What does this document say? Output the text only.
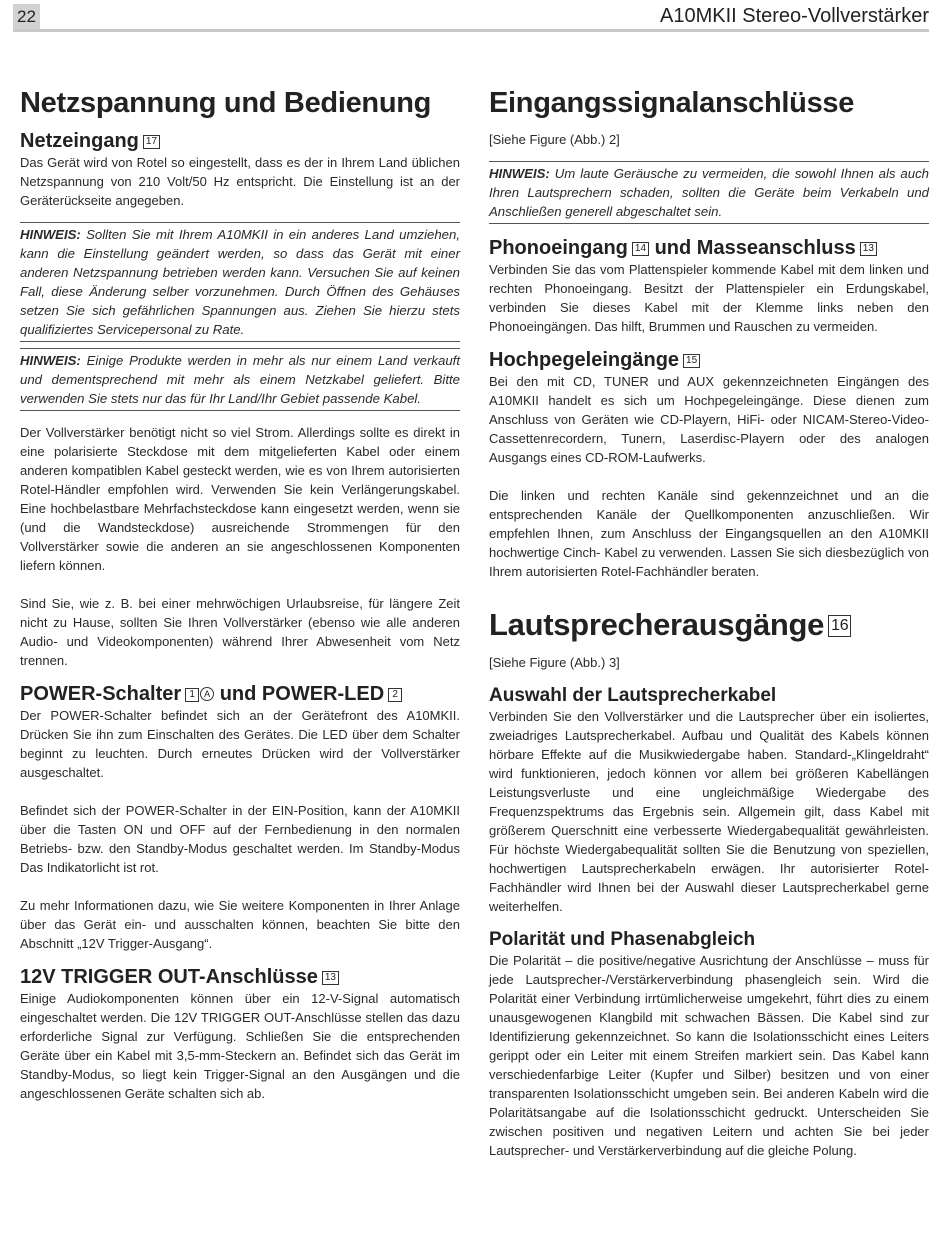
22	A10MKII Stereo-Vollverstärker
Netzspannung und Bedienung
Netzeingang 17

Das Gerät wird von Rotel so eingestellt, dass es der in Ihrem Land üblichen Netzspannung von 210 Volt/50 Hz entspricht. Die Einstellung ist an der Geräterückseite angegeben.

HINWEIS: Sollten Sie mit Ihrem A10MKII in ein anderes Land umziehen, kann die Einstellung geändert werden, so dass das Gerät mit einer anderen Netzspannung betrieben werden kann. Versuchen Sie auf keinen Fall, diese Änderung selber vorzunehmen. Durch Öffnen des Gehäuses setzen Sie sich gefährlichen Spannungen aus. Ziehen Sie hierzu stets qualifiziertes Servicepersonal zu Rate.
HINWEIS: Einige Produkte werden in mehr als nur einem Land verkauft und dementsprechend mit mehr als einem Netzkabel geliefert. Bitte verwenden Sie stets nur das für Ihr Land/Ihr Gebiet passende Kabel.

Der Vollverstärker benötigt nicht so viel Strom. Allerdings sollte es direkt in eine polarisierte Steckdose mit dem mitgelieferten Kabel oder einem anderen kompatiblen Kabel gesteckt werden, wie es von Ihrem autorisierten Rotel-Händler empfohlen wird. Verwenden Sie kein Verlängerungskabel. Eine hochbelastbare Mehrfachsteckdose kann eingesetzt werden, wenn sie (und die Wandsteckdose) ausreichende Strommengen für den Vollverstärker sowie die anderen an sie angeschlossenen Komponenten liefern können.

Sind Sie, wie z. B. bei einer mehrwöchigen Urlaubsreise, für längere Zeit nicht zu Hause, sollten Sie Ihren Vollverstärker (ebenso wie alle anderen Audio- und Videokomponenten) während Ihrer Abwesenheit vom Netz trennen.

POWER-Schalter 1 A und POWER-LED 2

Der POWER-Schalter befindet sich an der Gerätefront des A10MKII. Drücken Sie ihn zum Einschalten des Gerätes. Die LED über dem Schalter beginnt zu leuchten. Durch erneutes Drücken wird der Vollverstärker ausgeschaltet.

Befindet sich der POWER-Schalter in der EIN-Position, kann der A10MKII über die Tasten ON und OFF auf der Fernbedienung in den normalen Betriebs- bzw. den Standby-Modus geschaltet werden. Im Standby-Modus Das Indikatorlicht ist rot.

Zu mehr Informationen dazu, wie Sie weitere Komponenten in Ihrer Anlage über das Gerät ein- und ausschalten können, beachten Sie bitte den Abschnitt „12V Trigger-Ausgang“.

12V TRIGGER OUT-Anschlüsse 13

Einige Audiokomponenten können über ein 12-V-Signal automatisch eingeschaltet werden. Die 12V TRIGGER OUT-Anschlüsse stellen das dazu erforderliche Signal zur Verfügung. Schließen Sie die entsprechenden Geräte über ein Kabel mit 3,5-mm-Steckern an. Befindet sich das Gerät im Standby-Modus, so liegt kein Trigger-Signal an den Ausgängen und die angeschlossenen Geräte schalten sich ab.

Eingangssignalanschlüsse
[Siehe Figure (Abb.) 2]
HINWEIS: Um laute Geräusche zu vermeiden, die sowohl Ihnen als auch Ihren Lautsprechern schaden, sollten die Geräte beim Verkabeln und Anschließen generell abgeschaltet sein.
Phonoeingang 14 und Masseanschluss 13

Verbinden Sie das vom Plattenspieler kommende Kabel mit dem linken und rechten Phonoeingang. Besitzt der Plattenspieler ein Erdungskabel, verbinden Sie dieses Kabel mit der Klemme links neben den Phonoeingängen. Das hilft, Brummen und Rauschen zu vermeiden.

Hochpegeleingänge 15

Bei den mit CD, TUNER und AUX gekennzeichneten Eingängen des A10MKII handelt es sich um Hochpegeleingänge. Diese dienen zum Anschluss von Geräten wie CD-Playern, HiFi- oder NICAM-Stereo-Video-Cassettenrecordern, Tunern, Laserdisc-Playern oder des analogen Ausgangs eines CD-ROM-Laufwerks.

Die linken und rechten Kanäle sind gekennzeichnet und an die entsprechenden Kanäle der Quellkomponenten anzuschließen. Wir empfehlen Ihnen, zum Anschluss der Eingangsquellen an den A10MKII hochwertige Cinch- Kabel zu verwenden. Lassen Sie sich diesbezüglich von Ihrem autorisierten Rotel-Fachhändler beraten.

Lautsprecherausgänge 16
[Siehe Figure (Abb.) 3]
Auswahl der Lautsprecherkabel

Verbinden Sie den Vollverstärker und die Lautsprecher über ein isoliertes, zweiadriges Lautsprecherkabel. Aufbau und Qualität des Kabels können hörbare Effekte auf die Musikwiedergabe haben. Standard-„Klingeldraht“ wird funktionieren, jedoch können vor allem bei größeren Kabellängen Leistungsverluste und eine ungleichmäßige Wiedergabe des Frequenzspektrums das Ergebnis sein. Allgemein gilt, dass Kabel mit größerem Querschnitt eine verbesserte Wiedergabequalität gewährleisten. Für höchste Wiedergabequalität sollten Sie die Benutzung von speziellen, hochwertigen Lautsprecherkabeln erwägen. Ihr autorisierter Rotel-Fachhändler wird Ihnen bei der Auswahl dieser Lautsprecherkabel gerne weiterhelfen.

Polarität und Phasenabgleich

Die Polarität – die positive/negative Ausrichtung der Anschlüsse – muss für jede Lautsprecher-/Verstärkerverbindung phasengleich sein. Wird die Polarität einer Verbindung irrtümlicherweise umgekehrt, führt dies zu einem unausgewogenen Klangbild mit schwachen Bässen. Die Kabel sind zur Identifizierung gekennzeichnet. So kann die Isolationsschicht eines Leiters gerippt oder ein Leiter mit einem Streifen markiert sein. Das Kabel kann verschiedenfarbige Leiter (Kupfer und Silber) besitzen und von einer transparenten Isolationsschicht umgeben sein. Bei anderen Kabeln wird die Polaritätsangabe auf die Isolationsschicht gedruckt. Unterscheiden Sie zwischen positiven und negativen Leitern und achten Sie bei jeder Lautsprecher- und Verstärkerverbindung auf die gleiche Polung.
